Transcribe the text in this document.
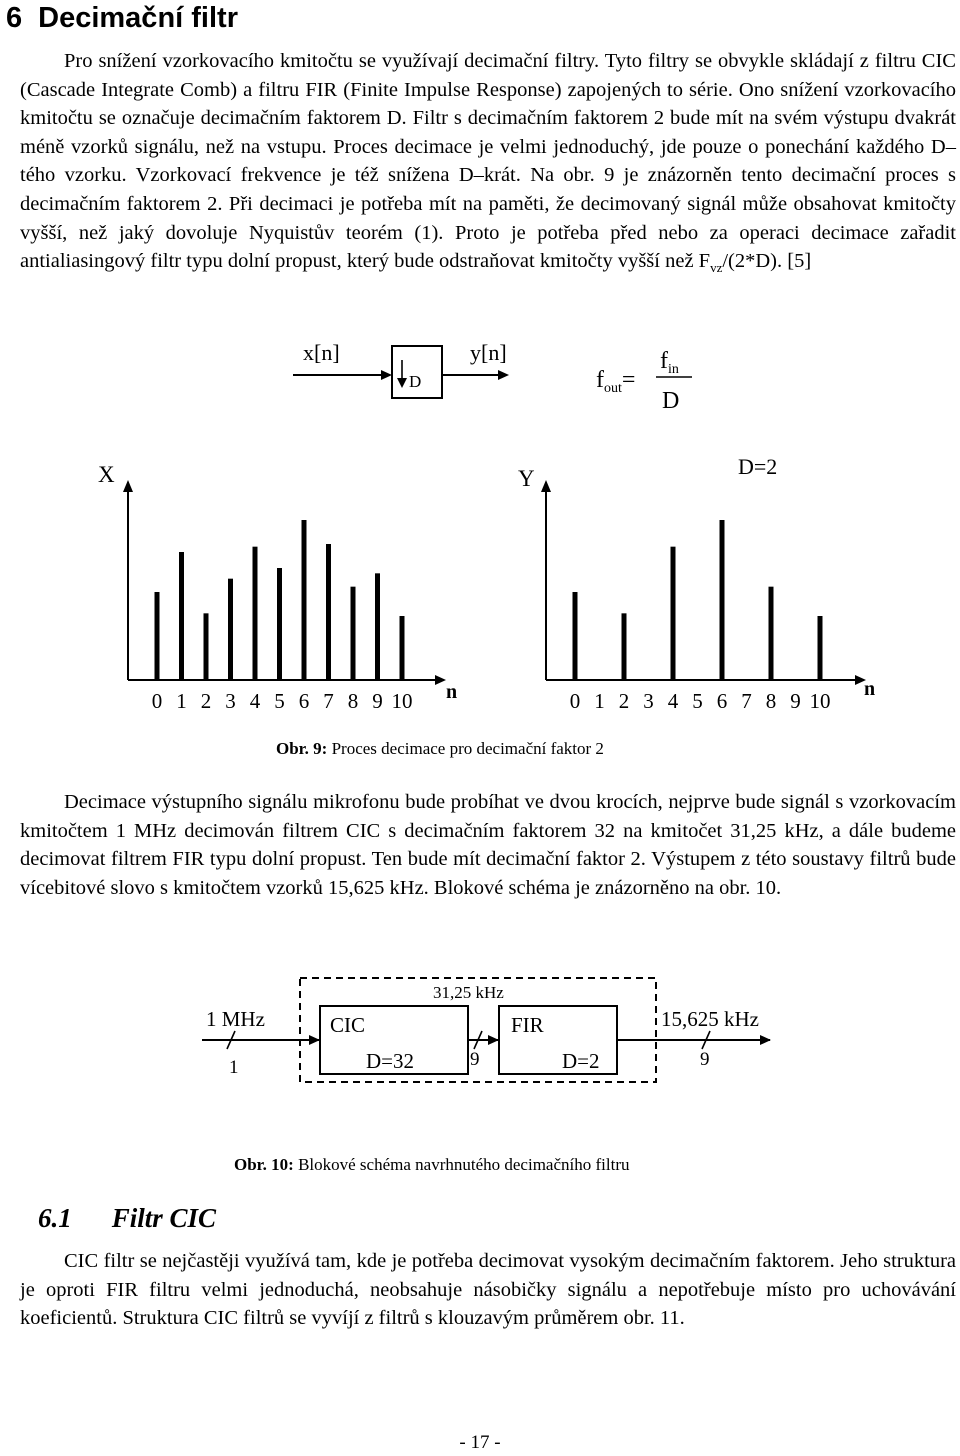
6 Decimační filtr

Pro snížení vzorkovacího kmitočtu se využívají decimační filtry. Tyto filtry se obvykle skládají z filtru CIC (Cascade Integrate Comb) a filtru FIR (Finite Impulse Response) zapojených to série. Ono snížení vzorkovacího kmitočtu se označuje decimačním faktorem D. Filtr s decimačním faktorem 2 bude mít na svém výstupu dvakrát méně vzorků signálu, než na vstupu. Proces decimace je velmi jednoduchý, jde pouze o ponechání každého D–tého vzorku. Vzorkovací frekvence je též snížena D–krát. Na obr. 9 je znázorněn tento decimační proces s decimačním faktorem 2. Při decimaci je potřeba mít na paměti, že decimovaný signál může obsahovat kmitočty vyšší, než jaký dovoluje Nyquistův teorém (1). Proto je potřeba před nebo za operaci decimace zařadit antialiasingový filtr typu dolní propust, který bude odstraňovat kmitočty vyšší než $F_{vz}/(2*D)$. [5]

x[n]	y[n]
D	$f_{out}=$
$f_{in}$
D
X
n
0 1 2 3 4 5 6 7 8 9 10
Y
n
D=2
0 1 2 3 4 5 6 7 8 9 10
Obr. 9: Proces decimace pro decimační faktor 2

Decimace výstupního signálu mikrofonu bude probíhat ve dvou krocích, nejprve bude signál s vzorkovacím kmitočtem 1 MHz decimován filtrem CIC s decimačním faktorem 32 na kmitočet 31,25 kHz, a dále budeme decimovat filtrem FIR typu dolní propust. Ten bude mít decimační faktor 2. Výstupem z této soustavy filtrů bude vícebitové slovo s kmitočtem vzorků 15,625 kHz. Blokové schéma je znázorněno na obr. 10.

31,25 kHz
1 MHz
1
CIC
D=32	9
FIR
D=2	9
15,625 kHz
Obr. 10: Blokové schéma navrhnutého decimačního filtru
6.1 Filtr CIC

CIC filtr se nejčastěji využívá tam, kde je potřeba decimovat vysokým decimačním faktorem. Jeho struktura je oproti FIR filtru velmi jednoduchá, neobsahuje násobičky signálu a nepotřebuje místo pro uchovávání koeficientů. Struktura CIC filtrů se vyvíjí z filtrů s klouzavým průměrem obr. 11.

- 17 -
